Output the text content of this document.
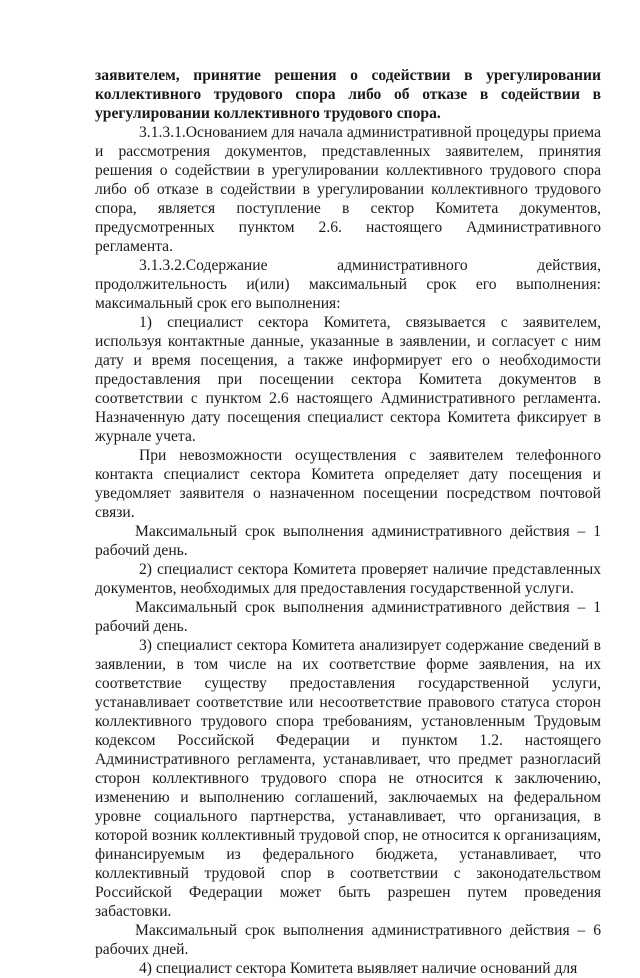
заявителем, принятие решения о содействии в урегулировании коллективного трудового спора либо об отказе в содействии в урегулировании коллективного трудового спора.

3.1.3.1.Основанием для начала административной процедуры приема и рассмотрения документов, представленных заявителем, принятия решения о содействии в урегулировании коллективного трудового спора либо об отказе в содействии в урегулировании коллективного трудового спора, является поступление в сектор Комитета документов, предусмотренных пунктом 2.6. настоящего Административного регламента.

3.1.3.2.Содержание административного действия, продолжительность и(или) максимальный срок его выполнения: максимальный срок его выполнения:

1) специалист сектора Комитета, связывается с заявителем, используя контактные данные, указанные в заявлении, и согласует с ним дату и время посещения, а также информирует его о необходимости предоставления при посещении сектора Комитета документов в соответствии с пунктом 2.6 настоящего Административного регламента. Назначенную дату посещения специалист сектора Комитета фиксирует в журнале учета.

При невозможности осуществления с заявителем телефонного контакта специалист сектора Комитета определяет дату посещения и уведомляет заявителя о назначенном посещении посредством почтовой связи.

Максимальный срок выполнения административного действия – 1 рабочий день.

2) специалист сектора Комитета проверяет наличие представленных документов, необходимых для предоставления государственной услуги.

Максимальный срок выполнения административного действия – 1 рабочий день.

3) специалист сектора Комитета анализирует содержание сведений в заявлении, в том числе на их соответствие форме заявления, на их соответствие существу предоставления государственной услуги, устанавливает соответствие или несоответствие правового статуса сторон коллективного трудового спора требованиям, установленным Трудовым кодексом Российской Федерации и пунктом 1.2. настоящего Административного регламента, устанавливает, что предмет разногласий сторон коллективного трудового спора не относится к заключению, изменению и выполнению соглашений, заключаемых на федеральном уровне социального партнерства, устанавливает, что организация, в которой возник коллективный трудовой спор, не относится к организациям, финансируемым из федерального бюджета, устанавливает, что коллективный трудовой спор в соответствии с законодательством Российской Федерации может быть разрешен путем проведения забастовки.

Максимальный срок выполнения административного действия – 6 рабочих дней.

4) специалист сектора Комитета выявляет наличие оснований для
